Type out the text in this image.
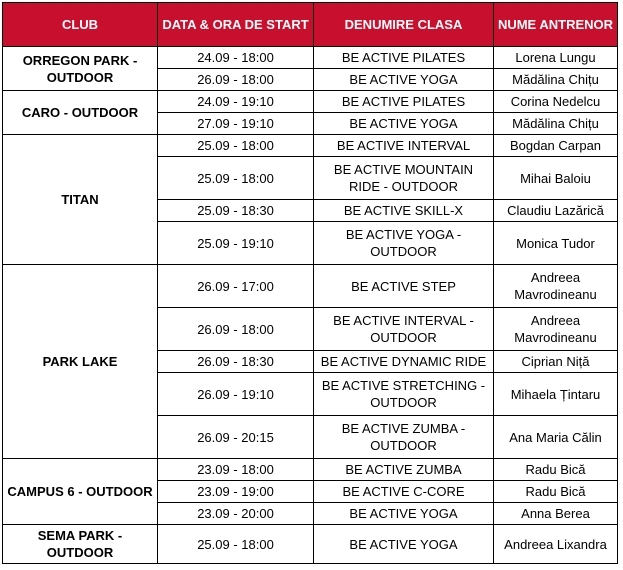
CLUB	DATA & ORA DE START	DENUMIRE CLASA	NUME ANTRENOR
ORREGON PARK - OUTDOOR	24.09 - 18:00	BE ACTIVE PILATES	Lorena Lungu
	26.09 - 18:00	BE ACTIVE YOGA	Mădălina Chițu
CARO - OUTDOOR	24.09 - 19:10	BE ACTIVE PILATES	Corina Nedelcu
	27.09 - 19:10	BE ACTIVE YOGA	Mădălina Chițu
TITAN	25.09 - 18:00	BE ACTIVE INTERVAL	Bogdan Carpan
	25.09 - 18:00	BE ACTIVE MOUNTAIN RIDE - OUTDOOR	Mihai Baloiu
	25.09 - 18:30	BE ACTIVE SKILL-X	Claudiu Lazărică
	25.09 - 19:10	BE ACTIVE YOGA - OUTDOOR	Monica Tudor
PARK LAKE	26.09 - 17:00	BE ACTIVE STEP	Andreea Mavrodineanu
	26.09 - 18:00	BE ACTIVE INTERVAL - OUTDOOR	Andreea Mavrodineanu
	26.09 - 18:30	BE ACTIVE DYNAMIC RIDE	Ciprian Niță
	26.09 - 19:10	BE ACTIVE STRETCHING - OUTDOOR	Mihaela Țintaru
	26.09 - 20:15	BE ACTIVE ZUMBA - OUTDOOR	Ana Maria Călin
CAMPUS 6 - OUTDOOR	23.09 - 18:00	BE ACTIVE ZUMBA	Radu Bică
	23.09 - 19:00	BE ACTIVE C-CORE	Radu Bică
	23.09 - 20:00	BE ACTIVE YOGA	Anna Berea
SEMA PARK - OUTDOOR	25.09 - 18:00	BE ACTIVE YOGA	Andreea Lixandra
